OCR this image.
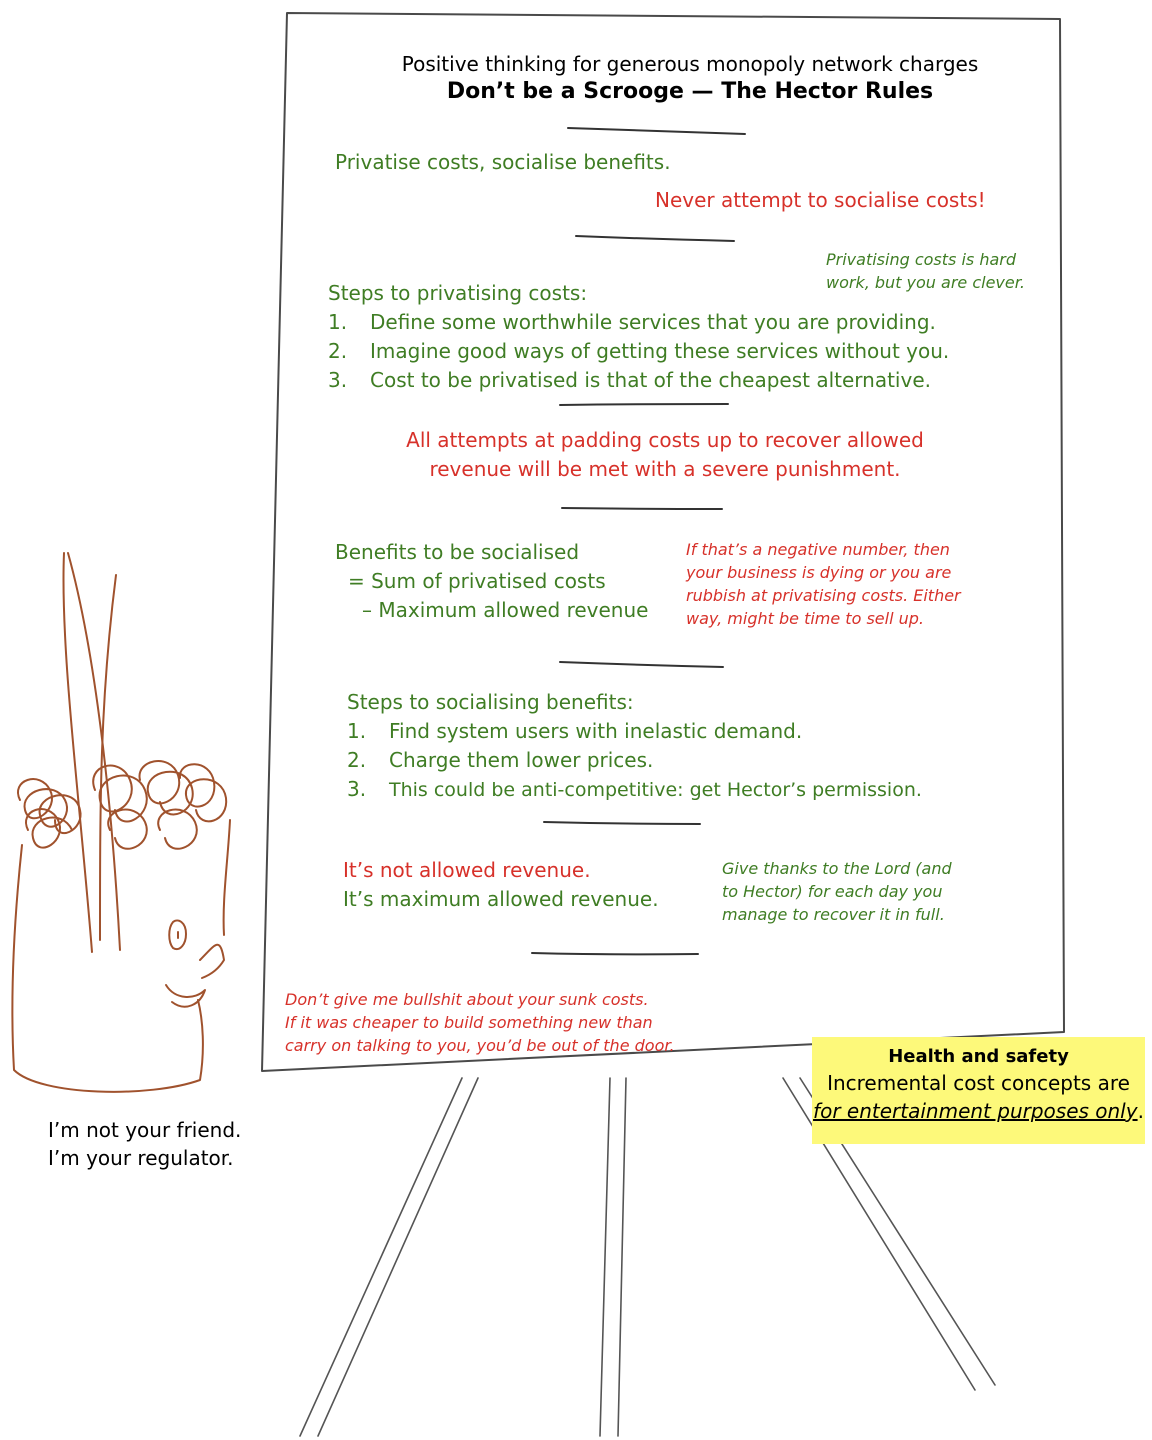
Positive thinking for generous monopoly network charges
Don’t be a Scrooge — The Hector Rules
Privatise costs, socialise benefits.
Never attempt to socialise costs!
Privatising costs is hard
work, but you are clever.
Steps to privatising costs:
1. Define some worthwhile services that you are providing.
2. Imagine good ways of getting these services without you.
3. Cost to be privatised is that of the cheapest alternative.
All attempts at padding costs up to recover allowed
revenue will be met with a severe punishment.
Benefits to be socialised
= Sum of privatised costs
– Maximum allowed revenue
If that’s a negative number, then
your business is dying or you are
rubbish at privatising costs. Either
way, might be time to sell up.
Steps to socialising benefits:
1. Find system users with inelastic demand.
2. Charge them lower prices.
3. This could be anti-competitive: get Hector’s permission.
It’s not allowed revenue.
It’s maximum allowed revenue.
Give thanks to the Lord (and
to Hector) for each day you
manage to recover it in full.
Don’t give me bullshit about your sunk costs.
If it was cheaper to build something new than
carry on talking to you, you’d be out of the door.
Health and safety
Incremental cost concepts are
for entertainment purposes only.
I’m not your friend.
I’m your regulator.
